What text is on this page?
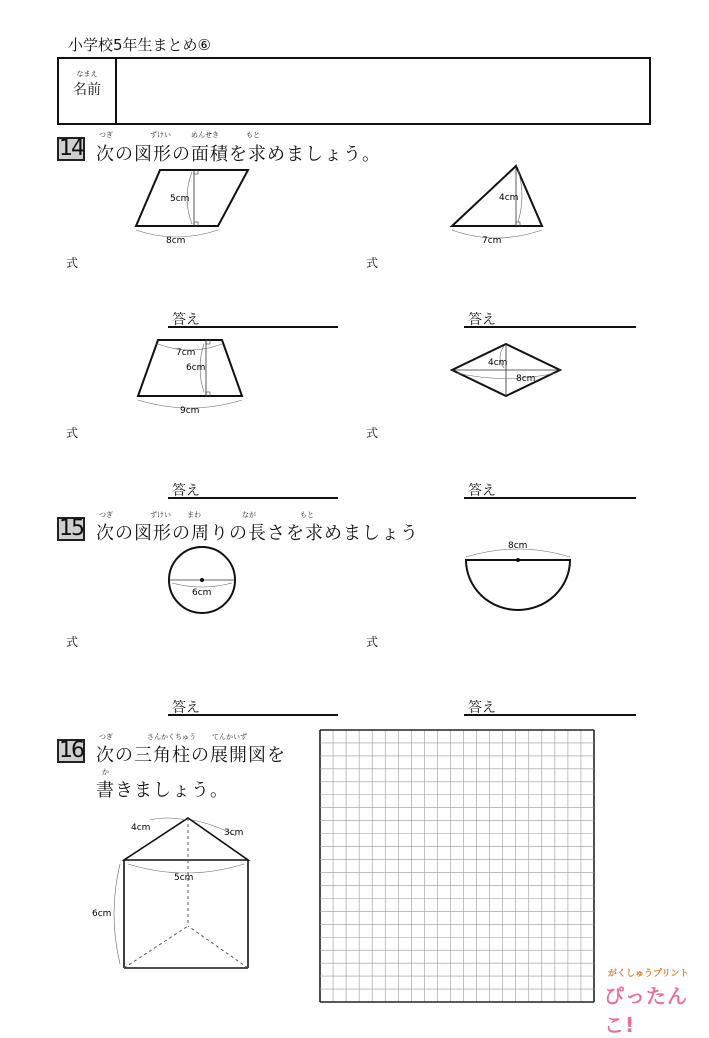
小学校5年生まとめ⑥
なまえ
名前
14
つぎ	ずけい	めんせき	もと
次の図形の面積を求めましょう。
5cm
8cm
4cm
7cm
式	式
答え	答え
7cm
6cm
9cm
4cm
8cm
式	式
答え	答え
15
つぎ	ずけい まわ	なが	もと
次の図形の周りの長さを求めましょう
6cm
8cm
式	式
答え	答え
16
つぎ	さんかくちゅう てんかいず
次の三角柱の展開図を
か
書きましょう。
4cm	3cm
5cm
6cm
がくしゅうプリント
ぴったんこ!
